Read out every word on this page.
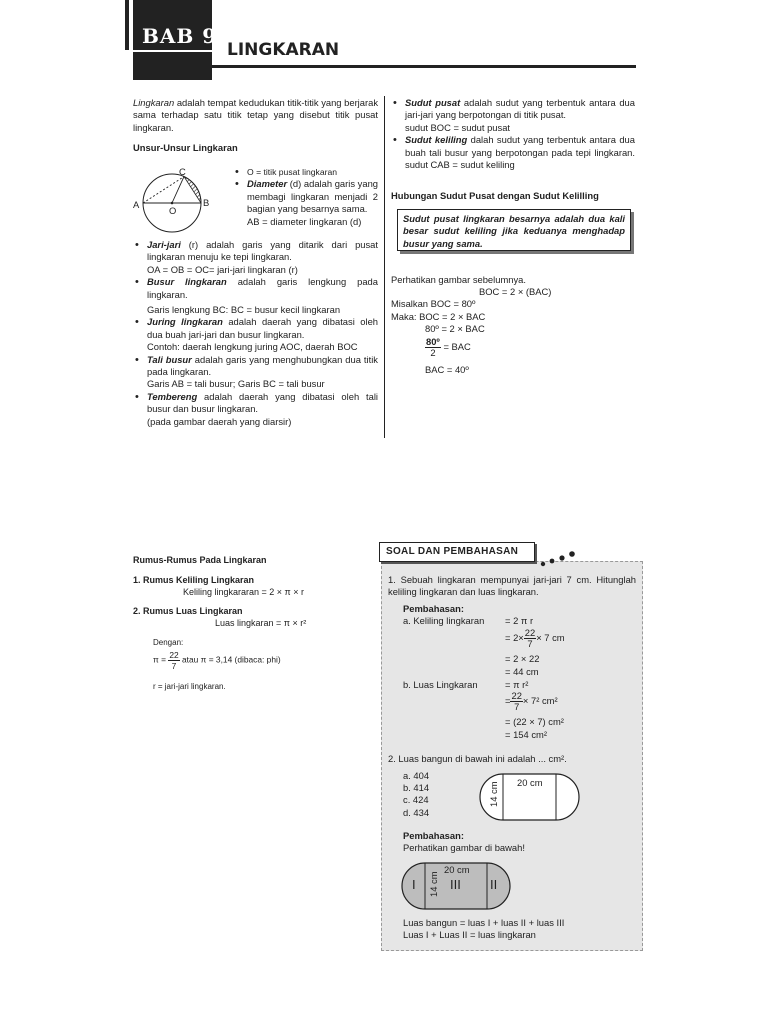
BAB 9
LINGKARAN
Lingkaran adalah tempat kedudukan titik-titik yang berjarak sama terhadap satu titik tetap yang disebut titik pusat lingkaran.
Unsur-Unsur Lingkaran
C
A
O
B
• O = titik pusat lingkaran
• Diameter (d) adalah garis yang membagi lingkaran menjadi 2 bagian yang besarnya sama.
AB = diameter lingkaran (d)
• Jari-jari (r) adalah garis yang ditarik dari pusat lingkaran menuju ke tepi lingkaran.
OA = OB = OC= jari-jari lingkaran (r)
• Busur lingkaran adalah garis lengkung pada lingkaran.
Garis lengkung BC: BC = busur kecil lingkaran
• Juring lingkaran adalah daerah yang dibatasi oleh dua buah jari-jari dan busur lingkaran.
Contoh: daerah lengkung juring AOC, daerah BOC
• Tali busur adalah garis yang menghubungkan dua titik pada lingkaran.
Garis AB = tali busur; Garis BC = tali busur
• Tembereng adalah daerah yang dibatasi oleh tali busur dan busur lingkaran.
(pada gambar daerah yang diarsir)
• Sudut pusat adalah sudut yang terbentuk antara dua jari-jari yang berpotongan di titik pusat.
sudut BOC = sudut pusat
• Sudut keliling dalah sudut yang terbentuk antara dua buah tali busur yang berpotongan pada tepi lingkaran. sudut CAB = sudut keliling
Hubungan Sudut Pusat dengan Sudut Kelilling
Sudut pusat lingkaran besarnya adalah dua kali besar sudut keliling jika keduanya menghadap busur yang sama.
Perhatikan gambar sebelumnya.
BOC = 2 × (BAC)
Misalkan BOC = 80º
Maka: BOC = 2 × BAC
80º = 2 × BAC
$\frac{\text{80º}}{2}$ = BAC
BAC = 40º
Rumus-Rumus Pada Lingkaran
1. Rumus Keliling Lingkaran
Keliling lingkararan = 2 × π × r
2. Rumus Luas Lingkaran
Luas lingkaran = π × r²
Dengan:
$\pi = \frac{22}{7}$ atau π = 3,14 (dibaca: phi)
r = jari-jari lingkaran.
SOAL DAN PEMBAHASAN
1. Sebuah lingkaran mempunyai jari-jari 7 cm. Hitunglah keliling lingkaran dan luas lingkaran.
Pembahasan:
a. Keliling lingkaran = 2 π r
= $2\times \frac{22}{7} \times 7$ cm
= 2 × 22
= 44 cm
b. Luas Lingkaran	= π r²
= $\frac{22}{7} \times 7^2$ cm²
= (22 × 7) cm²
= 154 cm²
2. Luas bangun di bawah ini adalah ... cm².
a. 404
b. 414
c. 424
d. 434
20 cm
14 cm
Pembahasan:
Perhatikan gambar di bawah!
20 cm
14 cm
I	III II
Luas bangun = luas I + luas II + luas III
Luas I + Luas II = luas lingkaran
